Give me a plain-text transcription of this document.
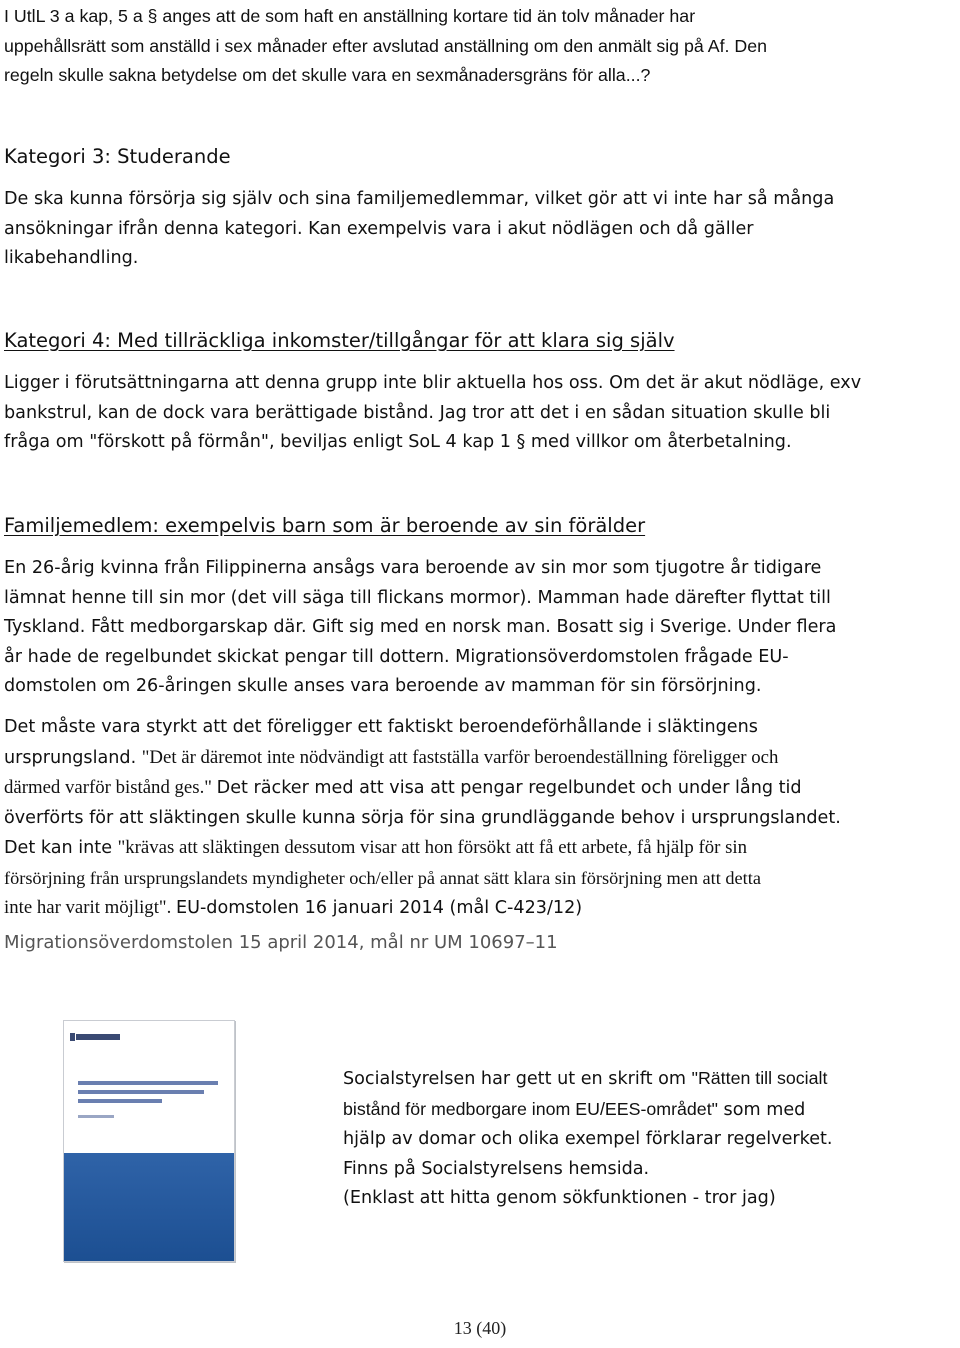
I UtlL 3 a kap, 5 a § anges att de som haft en anställning kortare tid än tolv månader har

uppehållsrätt som anställd i sex månader efter avslutad anställning om den anmält sig på Af. Den

regeln skulle sakna betydelse om det skulle vara en sexmånadersgräns för alla...?

Kategori 3: Studerande

De ska kunna försörja sig själv och sina familjemedlemmar, vilket gör att vi inte har så många

ansökningar ifrån denna kategori. Kan exempelvis vara i akut nödlägen och då gäller

likabehandling.

Kategori 4: Med tillräckliga inkomster/tillgångar för att klara sig själv

Ligger i förutsättningarna att denna grupp inte blir aktuella hos oss. Om det är akut nödläge, exv

bankstrul, kan de dock vara berättigade bistånd. Jag tror att det i en sådan situation skulle bli

fråga om "förskott på förmån", beviljas enligt SoL 4 kap 1 § med villkor om återbetalning.

Familjemedlem: exempelvis barn som är beroende av sin förälder

En 26-årig kvinna från Filippinerna ansågs vara beroende av sin mor som tjugotre år tidigare

lämnat henne till sin mor (det vill säga till flickans mormor). Mamman hade därefter flyttat till

Tyskland. Fått medborgarskap där. Gift sig med en norsk man. Bosatt sig i Sverige. Under flera

år hade de regelbundet skickat pengar till dottern. Migrationsöverdomstolen frågade EU-

domstolen om 26-åringen skulle anses vara beroende av mamman för sin försörjning.

Det måste vara styrkt att det föreligger ett faktiskt beroendeförhållande i släktingens

ursprungsland. "Det är däremot inte nödvändigt att fastställa varför beroendeställning föreligger och

därmed varför bistånd ges." Det räcker med att visa att pengar regelbundet och under lång tid

överförts för att släktingen skulle kunna sörja för sina grundläggande behov i ursprungslandet.

Det kan inte "krävas att släktingen dessutom visar att hon försökt att få ett arbete, få hjälp för sin

försörjning från ursprungslandets myndigheter och/eller på annat sätt klara sin försörjning men att detta

inte har varit möjligt". EU-domstolen 16 januari 2014 (mål C-423/12)

Migrationsöverdomstolen 15 april 2014, mål nr UM 10697–11

Socialstyrelsen har gett ut en skrift om "Rätten till socialt

bistånd för medborgare inom EU/EES-området" som med

hjälp av domar och olika exempel förklarar regelverket.

Finns på Socialstyrelsens hemsida.

(Enklast att hitta genom sökfunktionen - tror jag)

13 (40)
